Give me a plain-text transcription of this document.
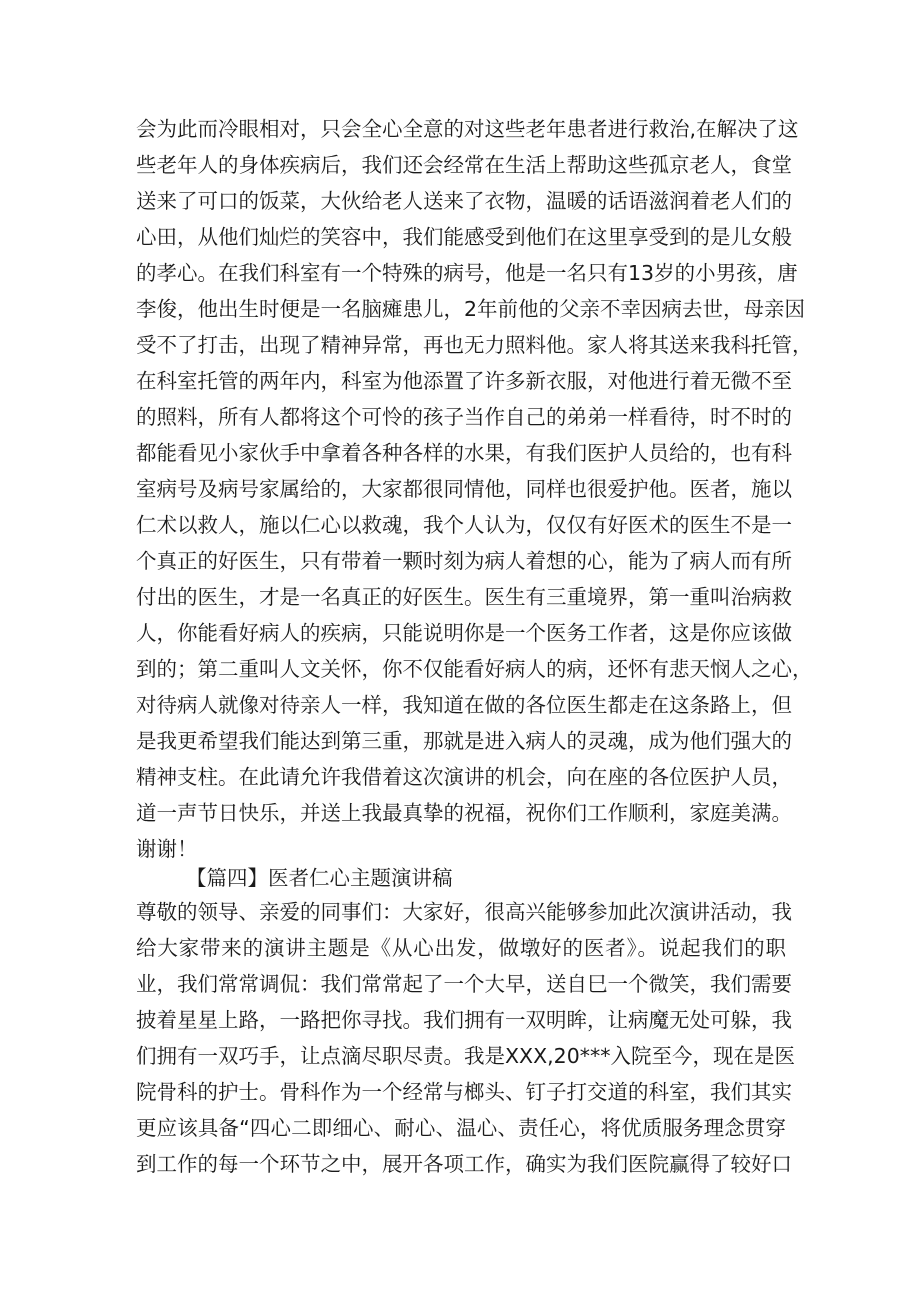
会为此而冷眼相对，只会全心全意的对这些老年患者进行救治,在解决了这
些老年人的身体疾病后，我们还会经常在生活上帮助这些孤京老人，食堂
送来了可口的饭菜，大伙给老人送来了衣物，温暖的话语滋润着老人们的
心田，从他们灿烂的笑容中，我们能感受到他们在这里享受到的是儿女般
的孝心。在我们科室有一个特殊的病号，他是一名只有13岁的小男孩，唐
李俊，他出生时便是一名脑瘫患儿，2年前他的父亲不幸因病去世，母亲因
受不了打击，出现了精神异常，再也无力照料他。家人将其送来我科托管，
在科室托管的两年内，科室为他添置了许多新衣服，对他进行着无微不至
的照料，所有人都将这个可怜的孩子当作自己的弟弟一样看待，时不时的
都能看见小家伙手中拿着各种各样的水果，有我们医护人员给的，也有科
室病号及病号家属给的，大家都很同情他，同样也很爱护他。医者，施以
仁术以救人，施以仁心以救魂，我个人认为，仅仅有好医术的医生不是一
个真正的好医生，只有带着一颗时刻为病人着想的心，能为了病人而有所
付出的医生，才是一名真正的好医生。医生有三重境界，第一重叫治病救
人，你能看好病人的疾病，只能说明你是一个医务工作者，这是你应该做
到的；第二重叫人文关怀，你不仅能看好病人的病，还怀有悲天悯人之心，
对待病人就像对待亲人一样，我知道在做的各位医生都走在这条路上，但
是我更希望我们能达到第三重，那就是进入病人的灵魂，成为他们强大的
精神支柱。在此请允许我借着这次演讲的机会，向在座的各位医护人员，
道一声节日快乐，并送上我最真挚的祝福，祝你们工作顺利，家庭美满。
谢谢！
【篇四】医者仁心主题演讲稿
尊敬的领导、亲爱的同事们：大家好，很高兴能够参加此次演讲活动，我
给大家带来的演讲主题是《从心出发，做墩好的医者》。说起我们的职
业，我们常常调侃：我们常常起了一个大早，送自巳一个微笑，我们需要
披着星星上路，一路把你寻找。我们拥有一双明眸，让病魔无处可躲，我
们拥有一双巧手，让点滴尽职尽责。我是XXX,20***入院至今，现在是医
院骨科的护士。骨科作为一个经常与榔头、钉子打交道的科室，我们其实
更应该具备“四心二即细心、耐心、温心、责任心，将优质服务理念贯穿
到工作的每一个环节之中，展开各项工作，确实为我们医院赢得了较好口
